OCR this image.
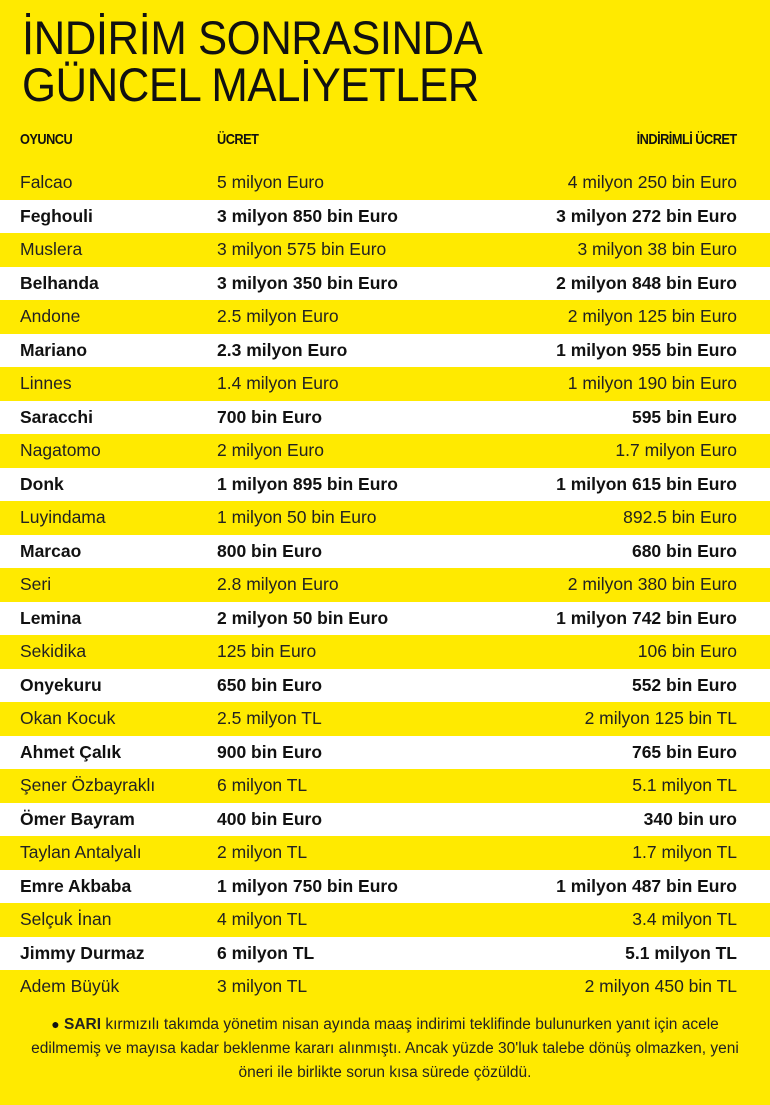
İNDİRİM SONRASINDA
GÜNCEL MALİYETLER
OYUNCU	ÜCRET	İNDİRİMLİ ÜCRET
Falcao	5 milyon Euro	4 milyon 250 bin Euro
Feghouli	3 milyon 850 bin Euro	3 milyon 272 bin Euro
Muslera	3 milyon 575 bin Euro	3 milyon 38 bin Euro
Belhanda	3 milyon 350 bin Euro	2 milyon 848 bin Euro
Andone	2.5 milyon Euro	2 milyon 125 bin Euro
Mariano	2.3 milyon Euro	1 milyon 955 bin Euro
Linnes	1.4 milyon Euro	1 milyon 190 bin Euro
Saracchi	700 bin Euro	595 bin Euro
Nagatomo	2 milyon Euro	1.7 milyon Euro
Donk	1 milyon 895 bin Euro	1 milyon 615 bin Euro
Luyindama	1 milyon 50 bin Euro	892.5 bin Euro
Marcao	800 bin Euro	680 bin Euro
Seri	2.8 milyon Euro	2 milyon 380 bin Euro
Lemina	2 milyon 50 bin Euro	1 milyon 742 bin Euro
Sekidika	125 bin Euro	106 bin Euro
Onyekuru	650 bin Euro	552 bin Euro
Okan Kocuk	2.5 milyon TL	2 milyon 125 bin TL
Ahmet Çalık	900 bin Euro	765 bin Euro
Şener Özbayraklı	6 milyon TL	5.1 milyon TL
Ömer Bayram	400 bin Euro	340 bin uro
Taylan Antalyalı	2 milyon TL	1.7 milyon TL
Emre Akbaba	1 milyon 750 bin Euro	1 milyon 487 bin Euro
Selçuk İnan	4 milyon TL	3.4 milyon TL
Jimmy Durmaz	6 milyon TL	5.1 milyon TL
Adem Büyük	3 milyon TL	2 milyon 450 bin TL
● SARI kırmızılı takımda yönetim nisan ayında maaş indirimi teklifinde bulunurken yanıt için acele edilmemiş ve mayısa kadar beklenme kararı alınmıştı. Ancak yüzde 30'luk talebe dönüş olmazken, yeni öneri ile birlikte sorun kısa sürede çözüldü.
